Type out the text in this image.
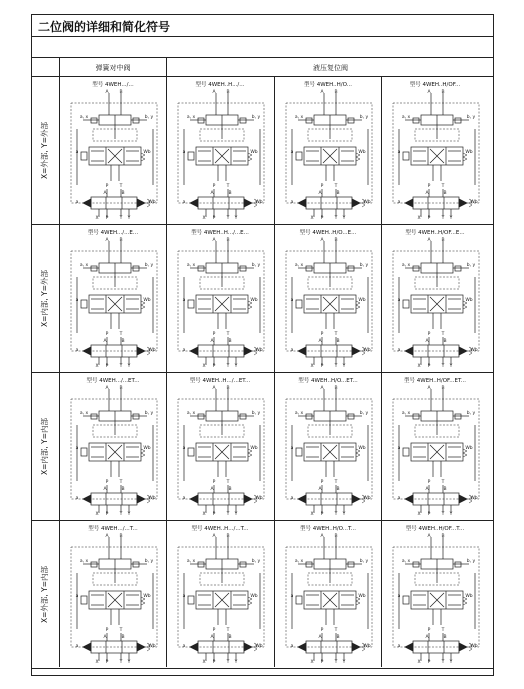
二位阀的详细和简化符号
弹簧对中阀	液压复位阀
X=外部, Y=外部
型号 4WEH.../...
A B
a, x	b, y
a	Wb
P	T
A	B
a	Wb
X	Y
P	T
型号 4WEH..H.../...
A B
a, x	b, y
a	Wb
P	T
A	B
a	Wb
X	Y
P	T
型号 4WEH..H/O...
A B
a, x	b, y
a	Wb
P	T
A	B
a	Wb
X	Y
P	T
型号 4WEH..H/OF...
A B
a, x	b, y
a	Wb
P	T
A	B
a	Wb
X	Y
P	T
X=内部, Y=外部
型号 4WEH.../...E...
A B
a, x	b, y
a	Wb
P	T
A	B
a	Wb
X	Y
P	T
型号 4WEH..H.../...E...
A B
a, x	b, y
a	Wb
P	T
A	B
a	Wb
X	Y
P	T
型号 4WEH..H/O...E...
A B
a, x	b, y
a	Wb
P	T
A	B
a	Wb
X	Y
P	T
型号 4WEH..H/OF...E...
A B
a, x	b, y
a	Wb
P	T
A	B
a	Wb
X	Y
P	T
X=内部, Y=内部
型号 4WEH.../...ET...
A B
a, x	b, y
a	Wb
P	T
A	B
a	Wb
X	Y
P	T
型号 4WEH..H.../...ET...
A B
a, x	b, y
a	Wb
P	T
A	B
a	Wb
X	Y
P	T
型号 4WEH..H/O...ET...
A B
a, x	b, y
a	Wb
P	T
A	B
a	Wb
X	Y
P	T
型号 4WEH..H/OF...ET...
A B
a, x	b, y
a	Wb
P	T
A	B
a	Wb
X	Y
P	T
X=外部, Y=内部
型号 4WEH.../...T...
A B
a, x	b, y
a	Wb
P	T
A	B
a	Wb
X	Y
P	T
型号 4WEH..H.../...T...
A B
a, x	b, y
a	Wb
P	T
A	B
a	Wb
X	Y
P	T
型号 4WEH..H/O...T...
A B
a, x	b, y
a	Wb
P	T
A	B
a	Wb
X	Y
P	T
型号 4WEH..H/OF...T...
A B
a, x	b, y
a	Wb
P	T
A	B
a	Wb
X	Y
P	T
